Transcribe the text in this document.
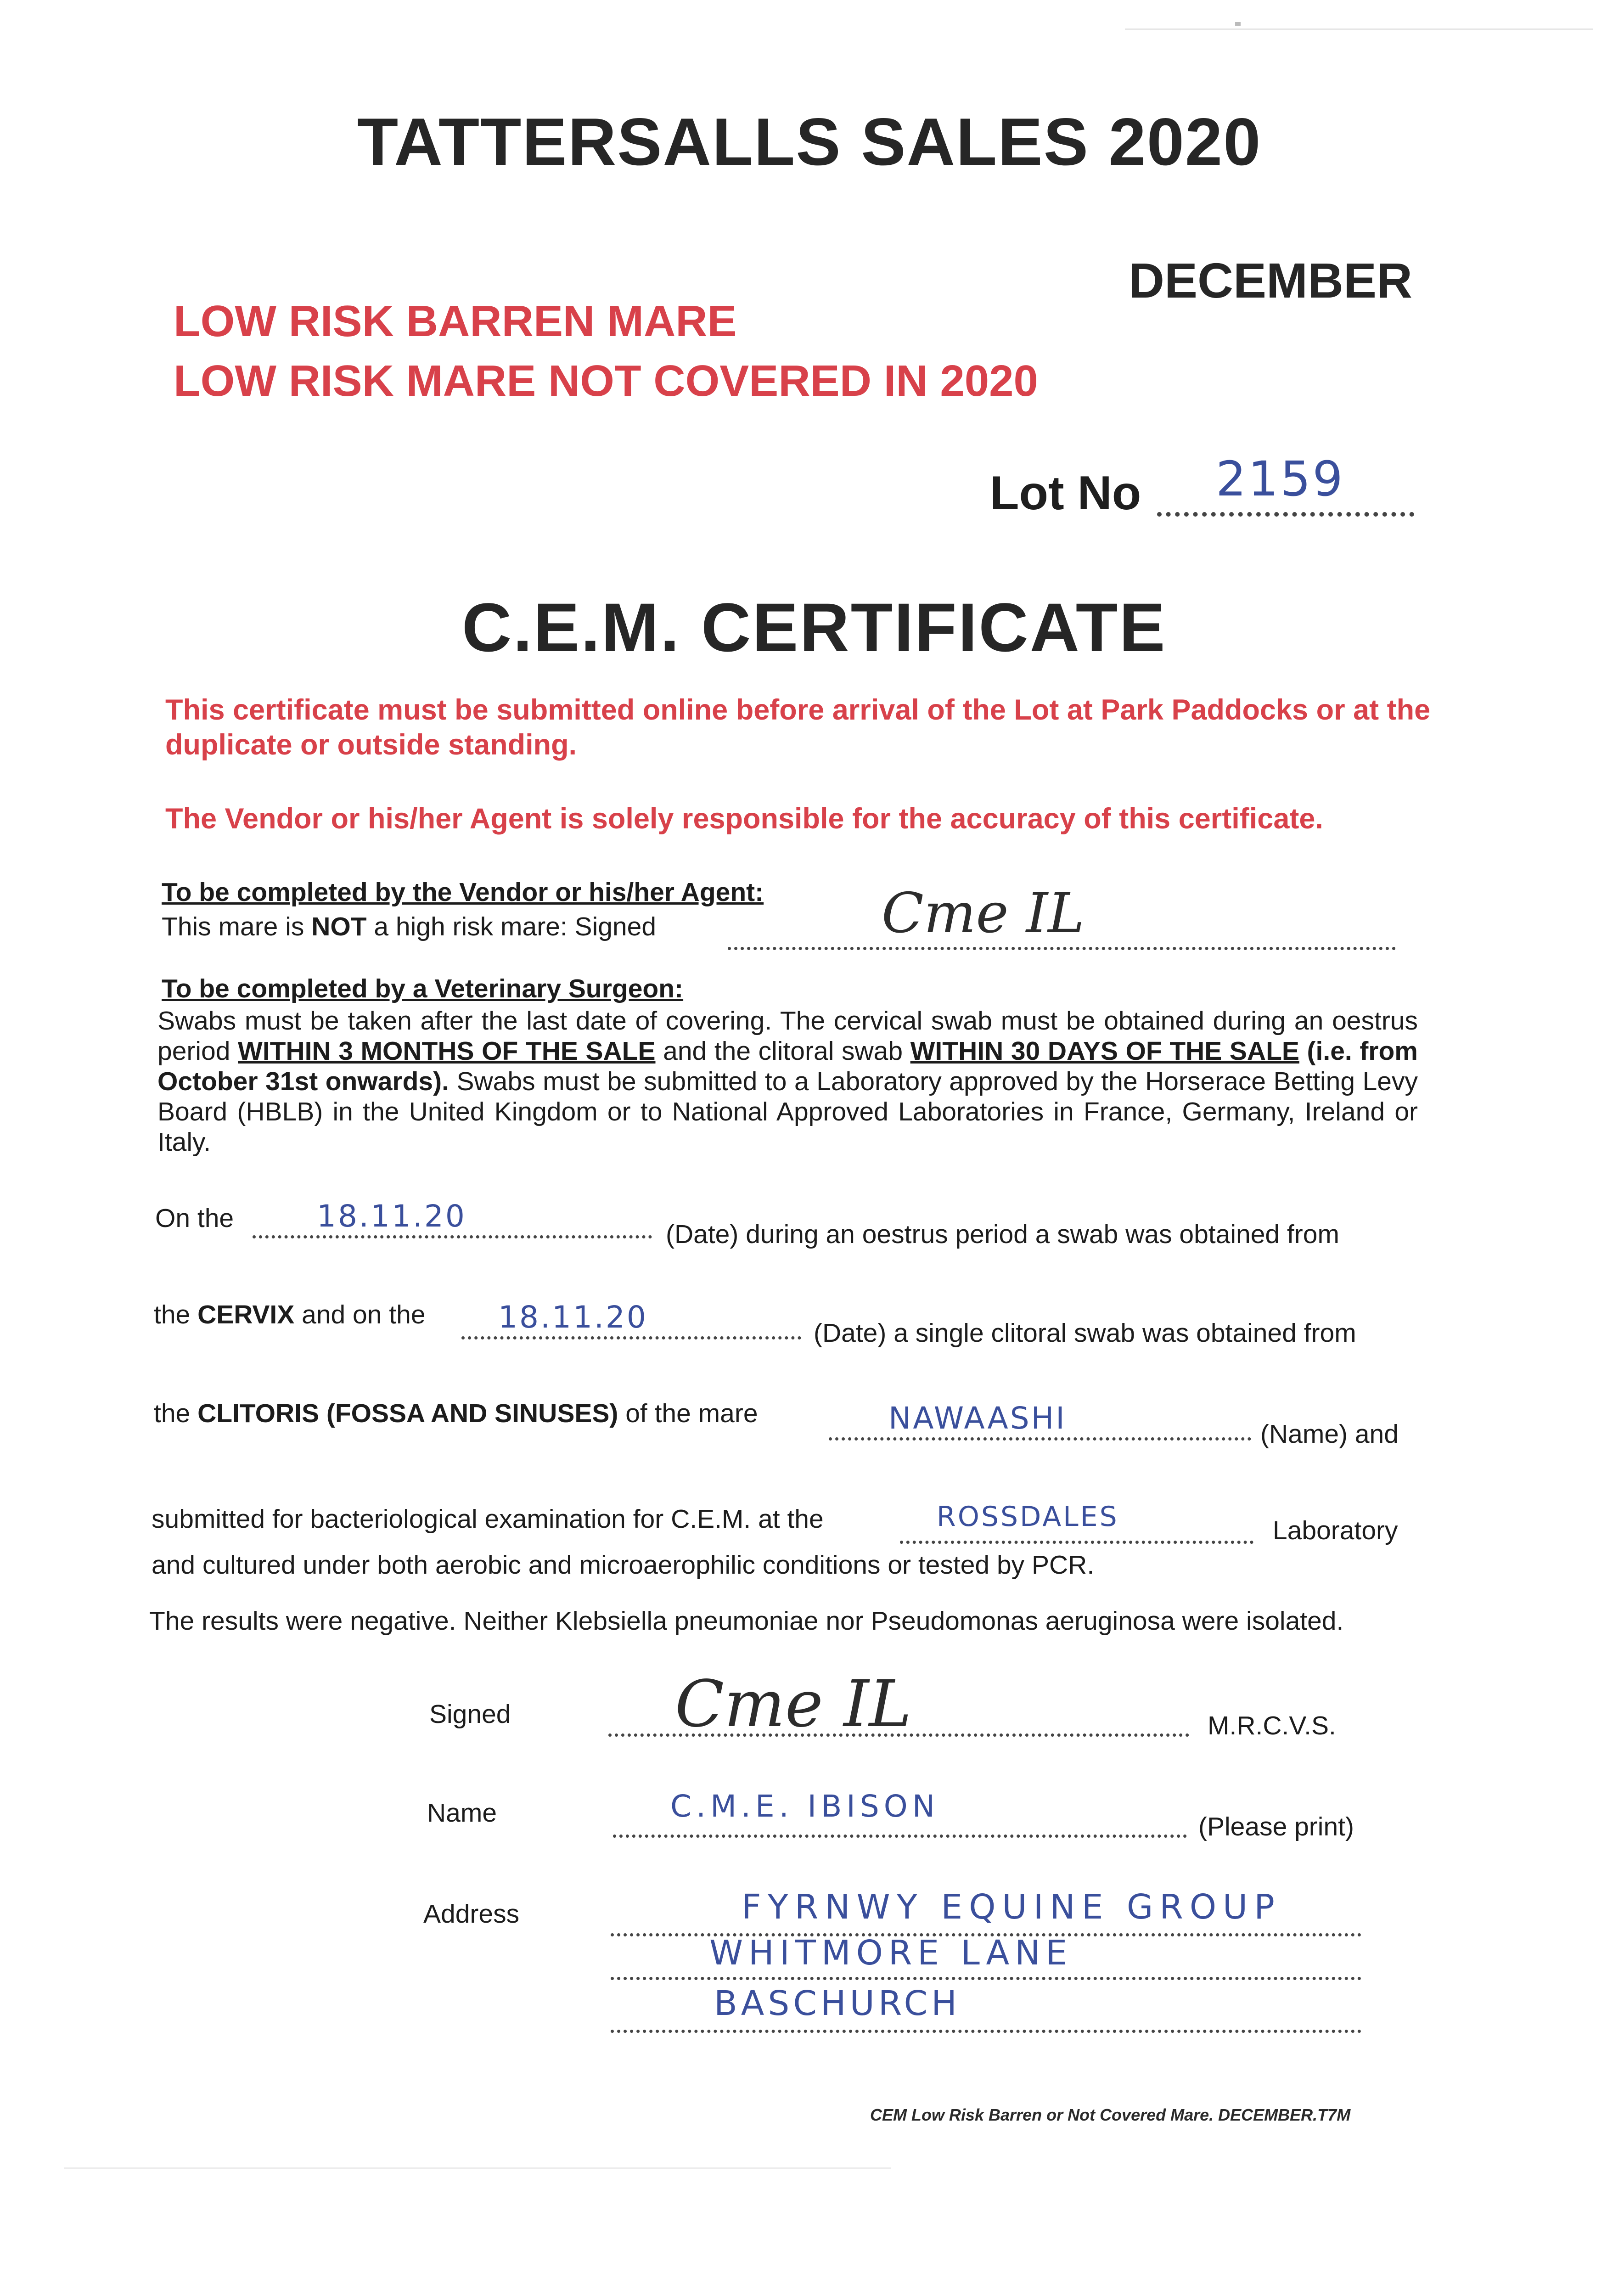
TATTERSALLS SALES 2020
DECEMBER
LOW RISK BARREN MARE
LOW RISK MARE NOT COVERED IN 2020
Lot No 2159
C.E.M. CERTIFICATE
This certificate must be submitted online before arrival of the Lot at Park Paddocks or at the duplicate or outside standing.
The Vendor or his/her Agent is solely responsible for the accuracy of this certificate.
To be completed by the Vendor or his/her Agent:
This mare is NOT a high risk mare: Signed	Cme IL
To be completed by a Veterinary Surgeon:
Swabs must be taken after the last date of covering. The cervical swab must be obtained during an oestrus period WITHIN 3 MONTHS OF THE SALE and the clitoral swab WITHIN 30 DAYS OF THE SALE (i.e. from October 31st onwards). Swabs must be submitted to a Laboratory approved by the Horserace Betting Levy Board (HBLB) in the United Kingdom or to National Approved Laboratories in France, Germany, Ireland or Italy.
On the	18.11.20
(Date) during an oestrus period a swab was obtained from
the CERVIX and on the 18.11.20	(Date) a single clitoral swab was obtained from
the CLITORIS (FOSSA AND SINUSES) of the mare	NAWAASHI	(Name) and
submitted for bacteriological examination for C.E.M. at the	ROSSDALES	Laboratory
and cultured under both aerobic and microaerophilic conditions or tested by PCR.
The results were negative. Neither Klebsiella pneumoniae nor Pseudomonas aeruginosa were isolated.
Signed	Cme IL	M.R.C.V.S.
Name	C.M.E. IBISON
(Please print)
Address	FYRNWY EQUINE GROUP
WHITMORE LANE
BASCHURCH
CEM Low Risk Barren or Not Covered Mare. DECEMBER.T7M
